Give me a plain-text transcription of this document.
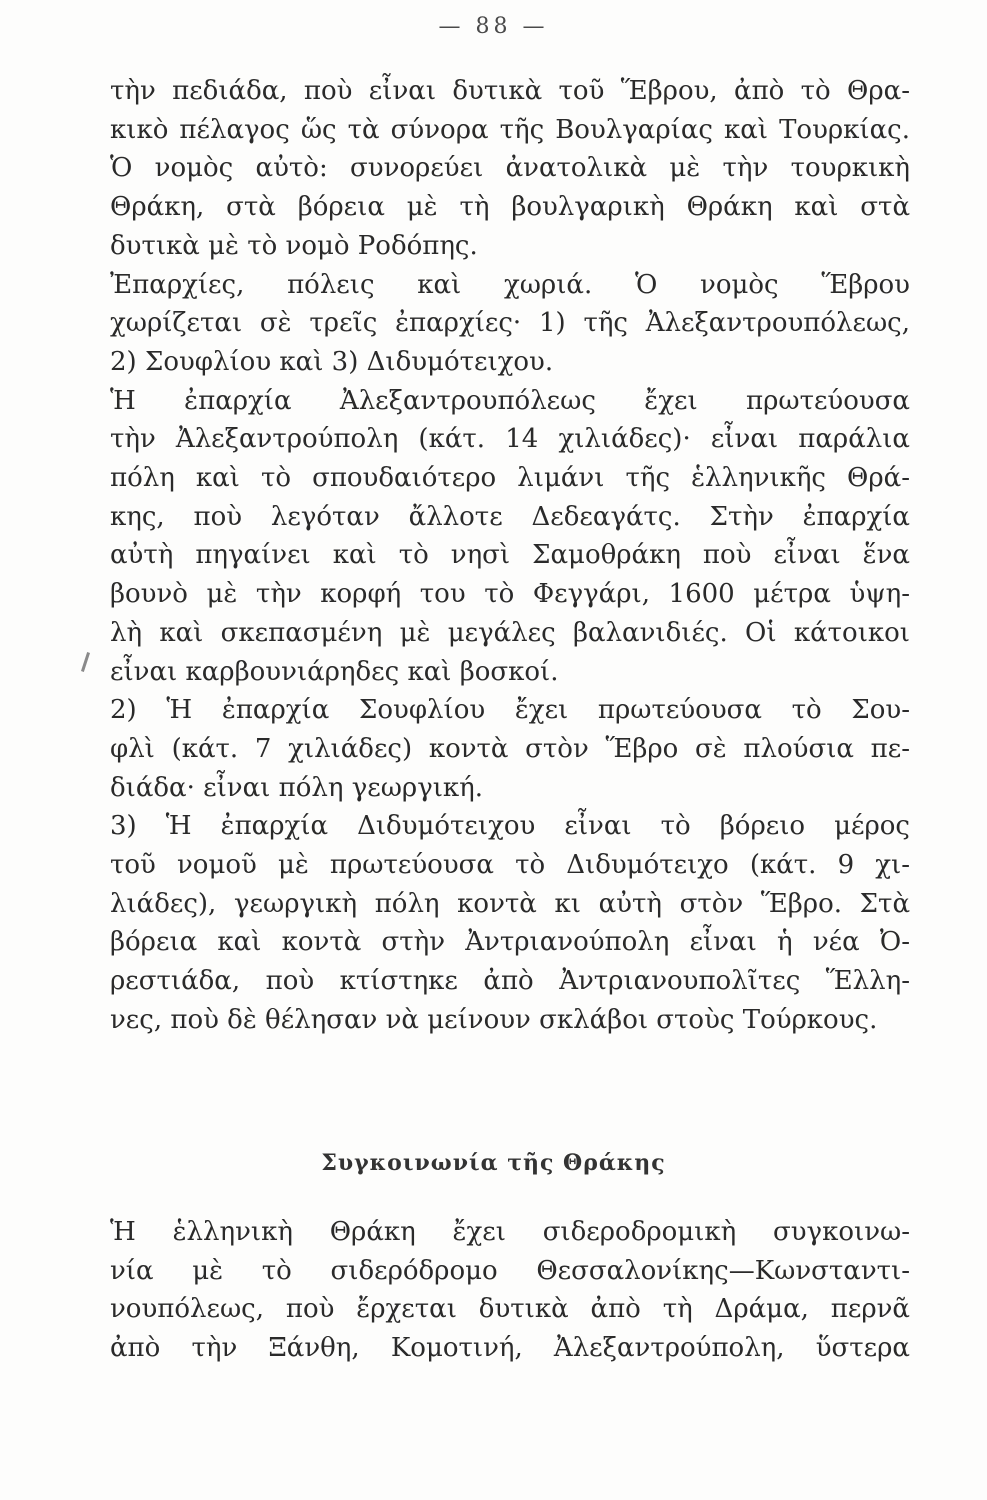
— 88 —
τὴν πεδιάδα, ποὺ εἶναι δυτικὰ τοῦ Ἕβρου, ἀπὸ τὸ Θρα-
κικὸ πέλαγος ὥς τὰ σύνορα τῆς Βουλγαρίας καὶ Τουρκίας.
Ὁ νομὸς αὐτὸ: συνορεύει ἀνατολικὰ μὲ τὴν τουρκικὴ
Θράκη, στὰ βόρεια μὲ τὴ βουλγαρικὴ Θράκη καὶ στὰ
δυτικὰ μὲ τὸ νομὸ Ροδόπης.
Ἐπαρχίες, πόλεις καὶ χωριά. Ὁ νομὸς Ἕβρου
χωρίζεται σὲ τρεῖς ἐπαρχίες· 1) τῆς Ἀλεξαντρουπόλεως,
2) Σουφλίου καὶ 3) Διδυμότειχου.
Ἡ ἐπαρχία Ἀλεξαντρουπόλεως ἔχει πρωτεύουσα
τὴν Ἀλεξαντρούπολη (κάτ. 14 χιλιάδες)· εἶναι παράλια
πόλη καὶ τὸ σπουδαιότερο λιμάνι τῆς ἑλληνικῆς Θρά-
κης, ποὺ λεγόταν ἄλλοτε Δεδεαγάτς. Στὴν ἐπαρχία
αὐτὴ πηγαίνει καὶ τὸ νησὶ Σαμοθράκη ποὺ εἶναι ἕνα
βουνὸ μὲ τὴν κορφή του τὸ Φεγγάρι, 1600 μέτρα ὑψη-
λὴ καὶ σκεπασμένη μὲ μεγάλες βαλανιδιές. Οἱ κάτοικοι
εἶναι καρβουνιάρηδες καὶ βοσκοί.
2) Ἡ ἐπαρχία Σουφλίου ἔχει πρωτεύουσα τὸ Σου-
φλὶ (κάτ. 7 χιλιάδες) κοντὰ στὸν Ἕβρο σὲ πλούσια πε-
διάδα· εἶναι πόλη γεωργική.
3) Ἡ ἐπαρχία Διδυμότειχου εἶναι τὸ βόρειο μέρος
τοῦ νομοῦ μὲ πρωτεύουσα τὸ Διδυμότειχο (κάτ. 9 χι-
λιάδες), γεωργικὴ πόλη κοντὰ κι αὐτὴ στὸν Ἕβρο. Στὰ
βόρεια καὶ κοντὰ στὴν Ἀντριανούπολη εἶναι ἡ νέα Ὀ-
ρεστιάδα, ποὺ κτίστηκε ἀπὸ Ἀντριανουπολῖτες Ἕλλη-
νες, ποὺ δὲ θέλησαν νὰ μείνουν σκλάβοι στοὺς Τούρκους.
Συγκοινωνία τῆς Θράκης
Ἡ ἑλληνικὴ Θράκη ἔχει σιδεροδρομικὴ συγκοινω-
νία μὲ τὸ σιδερόδρομο Θεσσαλονίκης—Κωνσταντι-
νουπόλεως, ποὺ ἔρχεται δυτικὰ ἀπὸ τὴ Δράμα, περνᾶ
ἀπὸ τὴν Ξάνθη, Κομοτινή, Ἀλεξαντρούπολη, ὕστερα
